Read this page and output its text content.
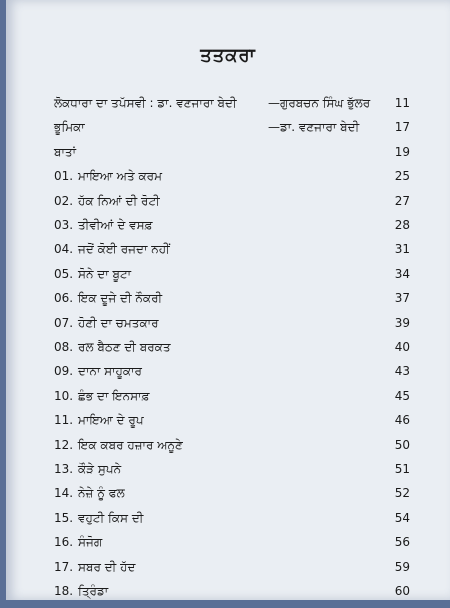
ਤਤਕਰਾ
ਲੋਕਧਾਰਾ ਦਾ ਤਪੱਸਵੀ : ਡਾ. ਵਣਜਾਰਾ ਬੇਦੀ	—ਗੁਰਬਚਨ ਸਿੰਘ ਭੁੱਲਰ 11
ਭੂਮਿਕਾ	—ਡਾ. ਵਣਜਾਰਾ ਬੇਦੀ	17
ਬਾਤਾਂ	19
01. ਮਾਇਆ ਅਤੇ ਕਰਮ	25
02. ਹੱਕ ਨਿਆਂ ਦੀ ਰੋਟੀ	27
03. ਤੀਵੀਆਂ ਦੇ ਵਸਫ਼	28
04. ਜਦੋਂ ਕੋਈ ਰਜਦਾ ਨਹੀਂ	31
05. ਸੋਨੇ ਦਾ ਬੂਟਾ	34
06. ਇਕ ਦੂਜੇ ਦੀ ਨੌਕਰੀ	37
07. ਹੋਣੀ ਦਾ ਚਮਤਕਾਰ	39
08. ਰਲ ਬੈਠਣ ਦੀ ਬਰਕਤ	40
09. ਦਾਨਾ ਸਾਹੂਕਾਰ	43
10. ਛੰਭ ਦਾ ਇਨਸਾਫ਼	45
11. ਮਾਇਆ ਦੇ ਰੂਪ	46
12. ਇਕ ਕਬਰ ਹਜ਼ਾਰ ਅਨੂਣੇ	50
13. ਕੌੜੇ ਸੁਪਨੇ	51
14. ਨੇਜ਼ੇ ਨੂੰ ਫਲ	52
15. ਵਹੁਟੀ ਕਿਸ ਦੀ	54
16. ਸੰਜੋਗ	56
17. ਸਬਰ ਦੀ ਹੱਦ	59
18. ਤ੍ਰਿੰਡਾ	60
